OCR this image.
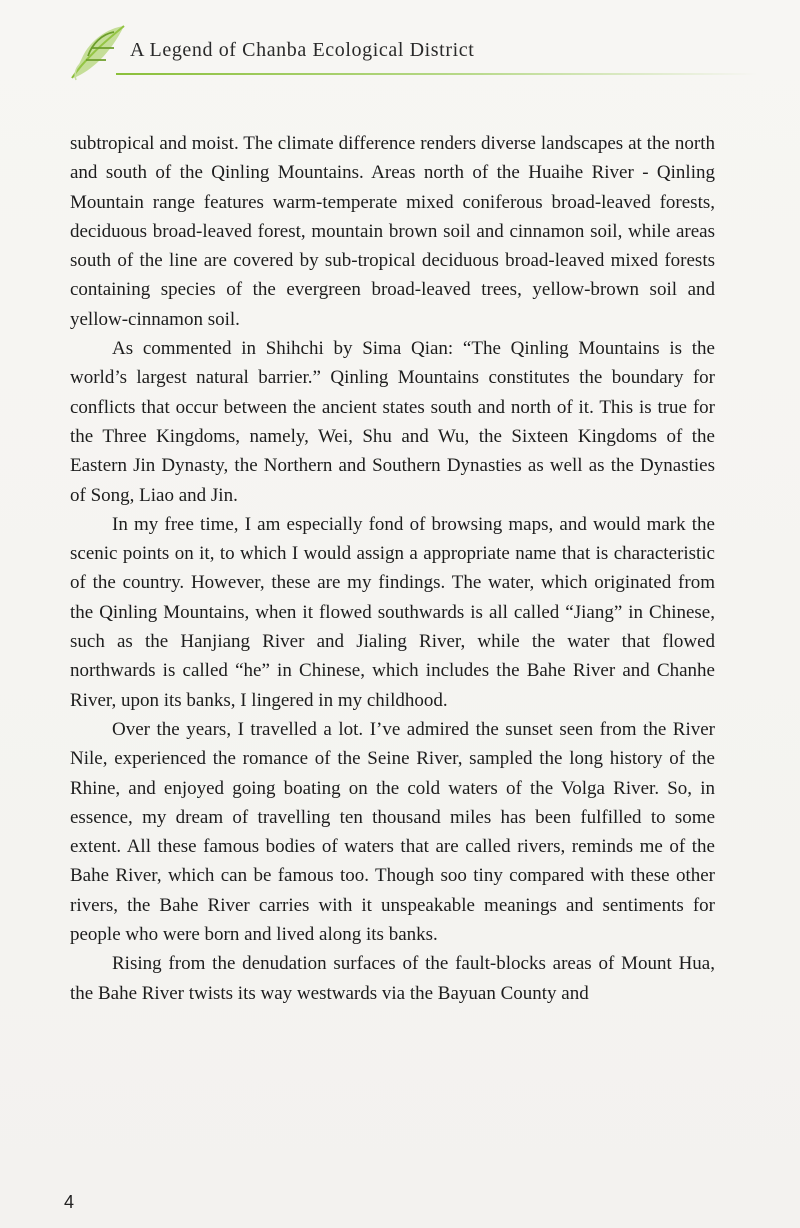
A Legend of Chanba Ecological District

subtropical and moist. The climate difference renders diverse landscapes at the north and south of the Qinling Mountains. Areas north of the Huaihe River - Qinling Mountain range features warm-temperate mixed coniferous broad-leaved forests, deciduous broad-leaved forest, mountain brown soil and cinnamon soil, while areas south of the line are covered by sub-tropical deciduous broad-leaved mixed forests containing species of the evergreen broad-leaved trees, yellow-brown soil and yellow-cinnamon soil.

As commented in Shihchi by Sima Qian: “The Qinling Mountains is the world’s largest natural barrier.” Qinling Mountains constitutes the boundary for conflicts that occur between the ancient states south and north of it. This is true for the Three Kingdoms, namely, Wei, Shu and Wu, the Sixteen Kingdoms of the Eastern Jin Dynasty, the Northern and Southern Dynasties as well as the Dynasties of Song, Liao and Jin.

In my free time, I am especially fond of browsing maps, and would mark the scenic points on it, to which I would assign a appropriate name that is characteristic of the country. However, these are my findings. The water, which originated from the Qinling Mountains, when it flowed southwards is all called “Jiang” in Chinese, such as the Hanjiang River and Jialing River, while the water that flowed northwards is called “he” in Chinese, which includes the Bahe River and Chanhe River, upon its banks, I lingered in my childhood.

Over the years, I travelled a lot. I’ve admired the sunset seen from the River Nile, experienced the romance of the Seine River, sampled the long history of the Rhine, and enjoyed going boating on the cold waters of the Volga River. So, in essence, my dream of travelling ten thousand miles has been fulfilled to some extent. All these famous bodies of waters that are called rivers, reminds me of the Bahe River, which can be famous too. Though soo tiny compared with these other rivers, the Bahe River carries with it unspeakable meanings and sentiments for people who were born and lived along its banks.

Rising from the denudation surfaces of the fault-blocks areas of Mount Hua, the Bahe River twists its way westwards via the Bayuan County and

4
